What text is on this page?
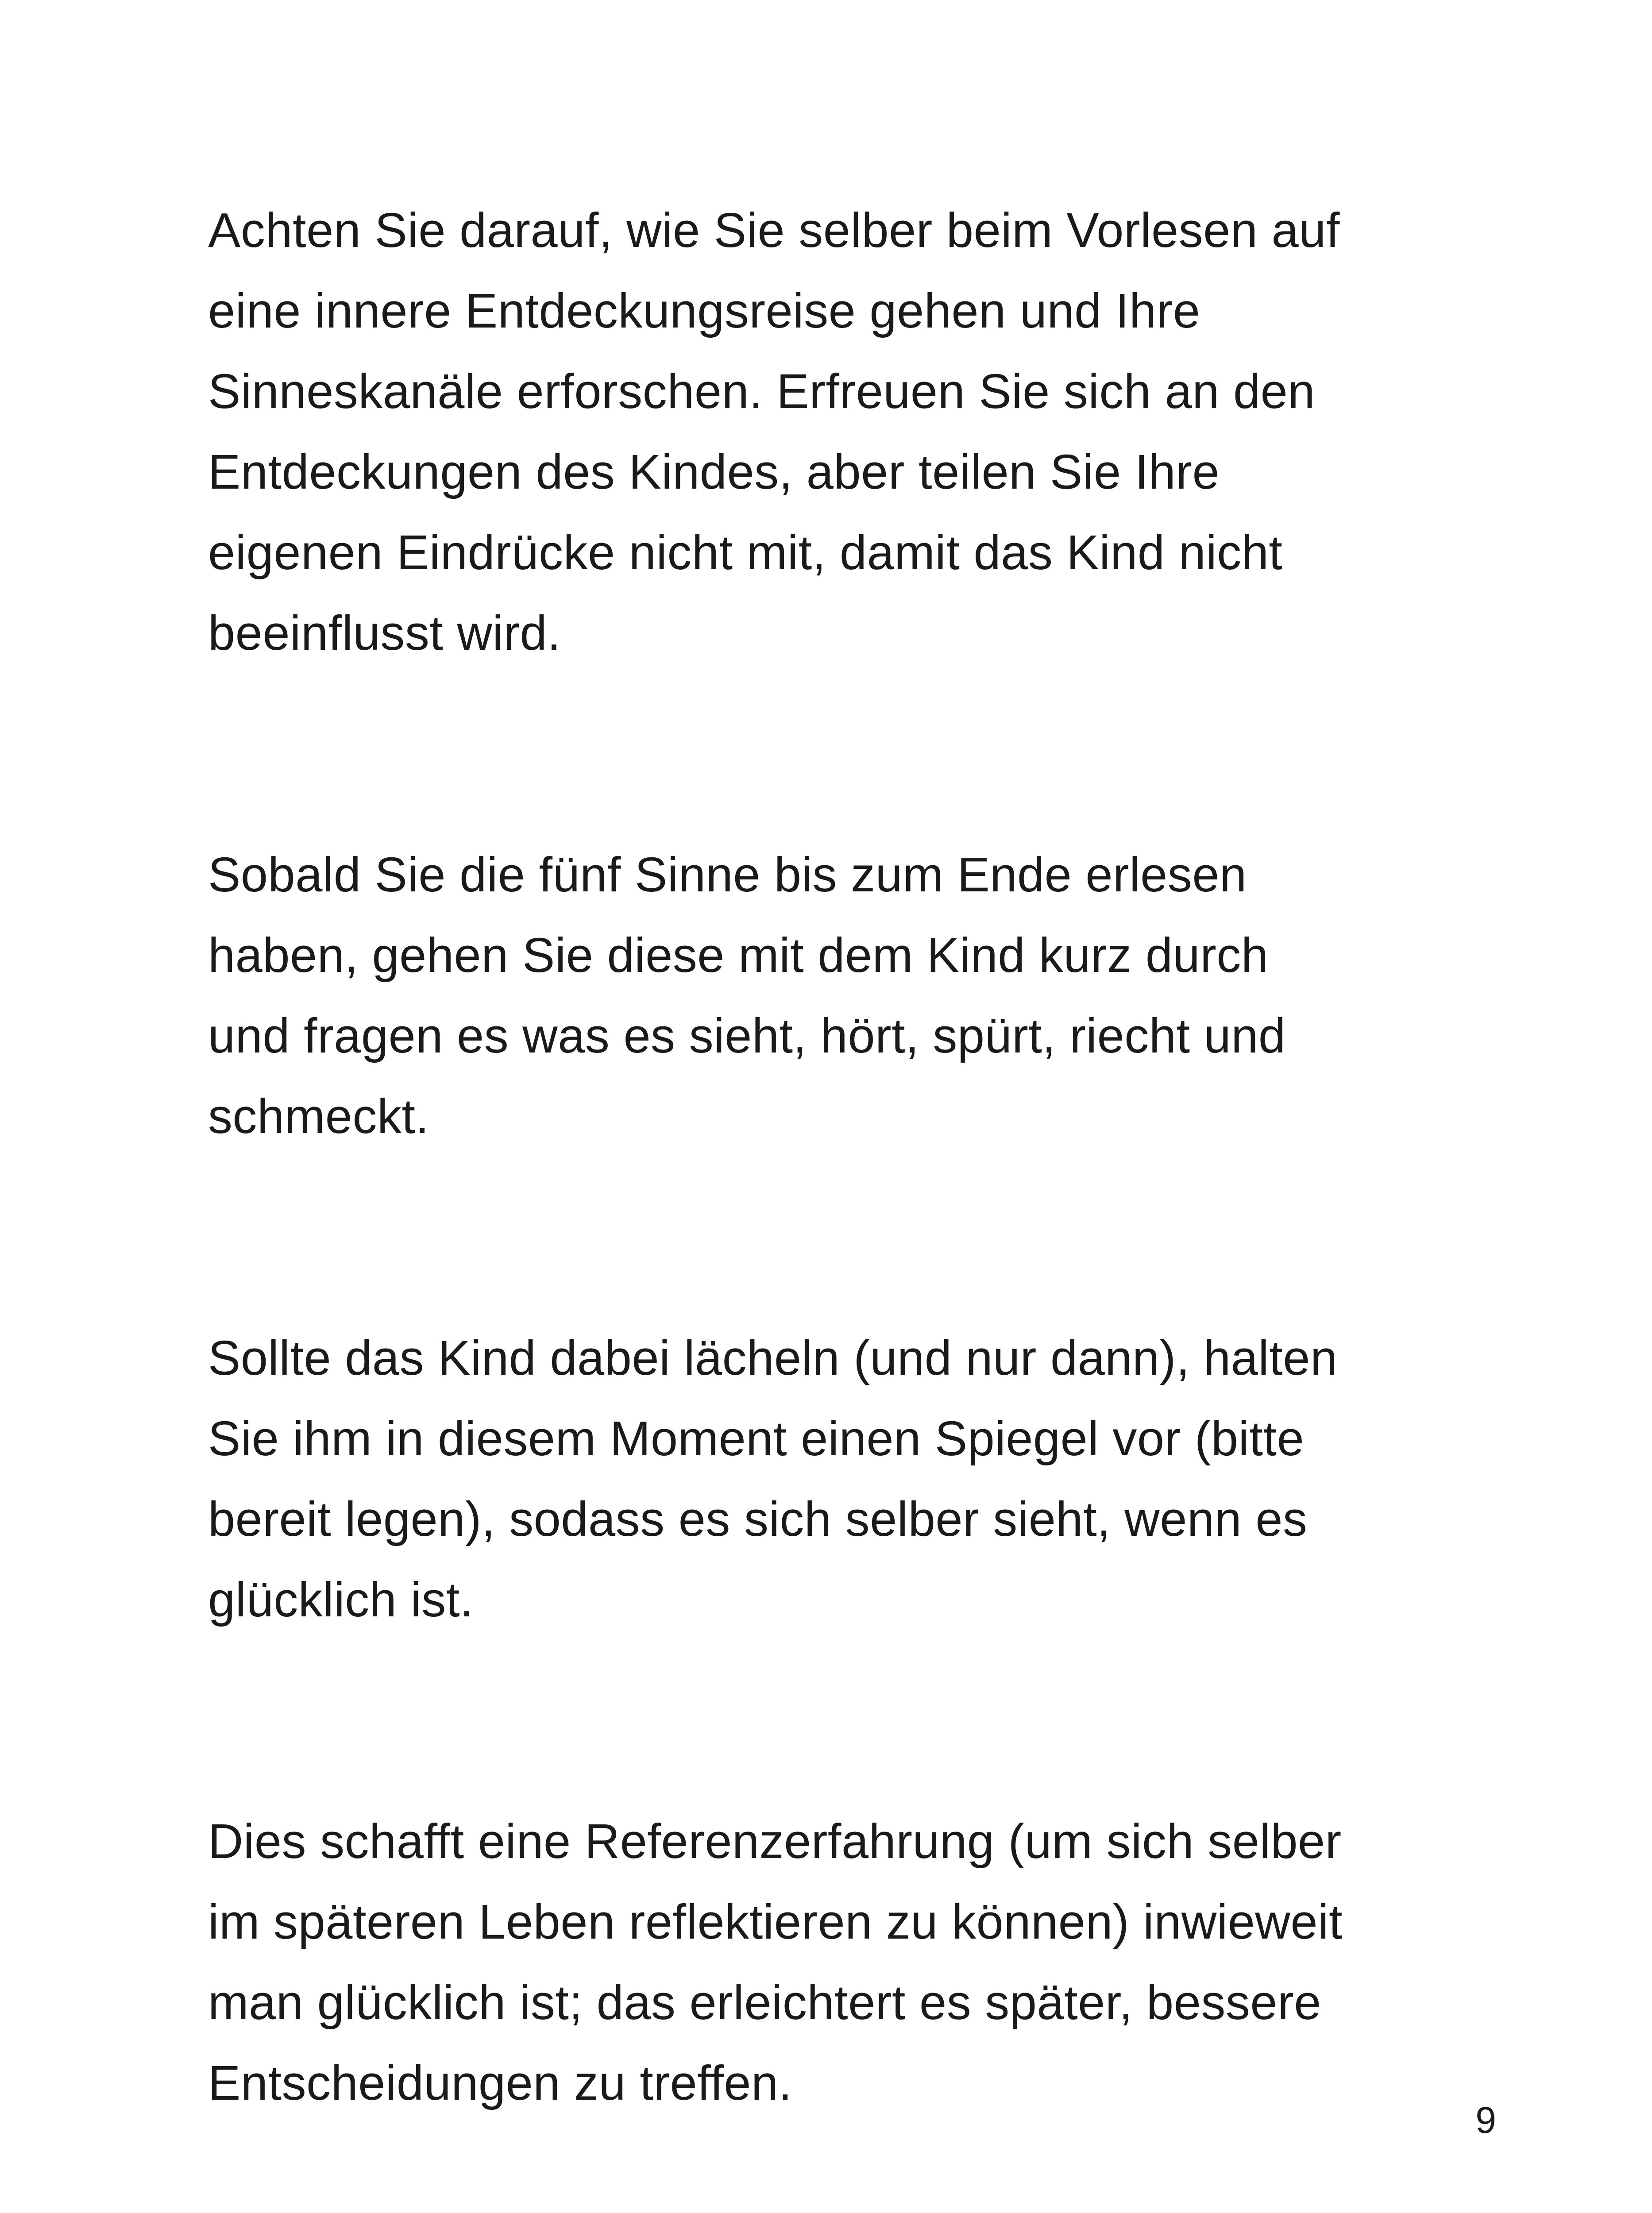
Achten Sie darauf, wie Sie selber beim Vorlesen auf
eine innere Entdeckungsreise gehen und Ihre
Sinneskanäle erforschen. Erfreuen Sie sich an den
Entdeckungen des Kindes, aber teilen Sie Ihre
eigenen Eindrücke nicht mit, damit das Kind nicht
beeinflusst wird.

Sobald Sie die fünf Sinne bis zum Ende erlesen
haben, gehen Sie diese mit dem Kind kurz durch
und fragen es was es sieht, hört, spürt, riecht und
schmeckt.

Sollte das Kind dabei lächeln (und nur dann), halten
Sie ihm in diesem Moment einen Spiegel vor (bitte
bereit legen), sodass es sich selber sieht, wenn es
glücklich ist.

Dies schafft eine Referenzerfahrung (um sich selber
im späteren Leben reflektieren zu können) inwieweit
man glücklich ist; das erleichtert es später, bessere
Entscheidungen zu treffen.

9
